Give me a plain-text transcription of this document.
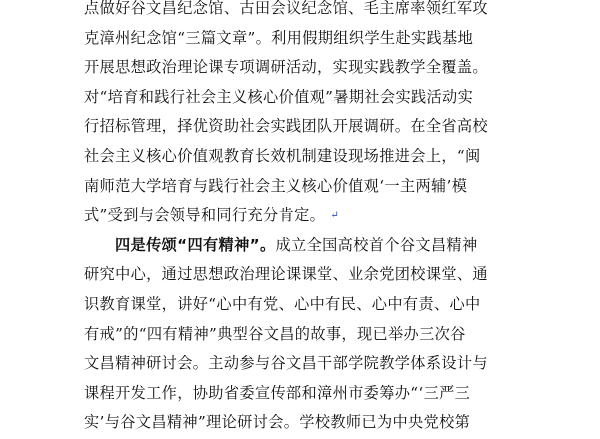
点做好谷文昌纪念馆、古田会议纪念馆、毛主席率领红军攻
克漳州纪念馆“三篇文章”。利用假期组织学生赴实践基地
开展思想政治理论课专项调研活动，实现实践教学全覆盖。
对“培育和践行社会主义核心价值观”暑期社会实践活动实
行招标管理，择优资助社会实践团队开展调研。在全省高校
社会主义核心价值观教育长效机制建设现场推进会上，“闽
南师范大学培育与践行社会主义核心价值观‘一主两辅’模
式”受到与会领导和同行充分肯定。 ↵
四是传颂“四有精神”。成立全国高校首个谷文昌精神
研究中心，通过思想政治理论课课堂、业余党团校课堂、通
识教育课堂，讲好“心中有党、心中有民、心中有责、心中
有戒”的“四有精神”典型谷文昌的故事，现已举办三次谷
文昌精神研讨会。主动参与谷文昌干部学院教学体系设计与
课程开发工作，协助省委宣传部和漳州市委筹办“‘三严三
实’与谷文昌精神”理论研讨会。学校教师已为中央党校第
